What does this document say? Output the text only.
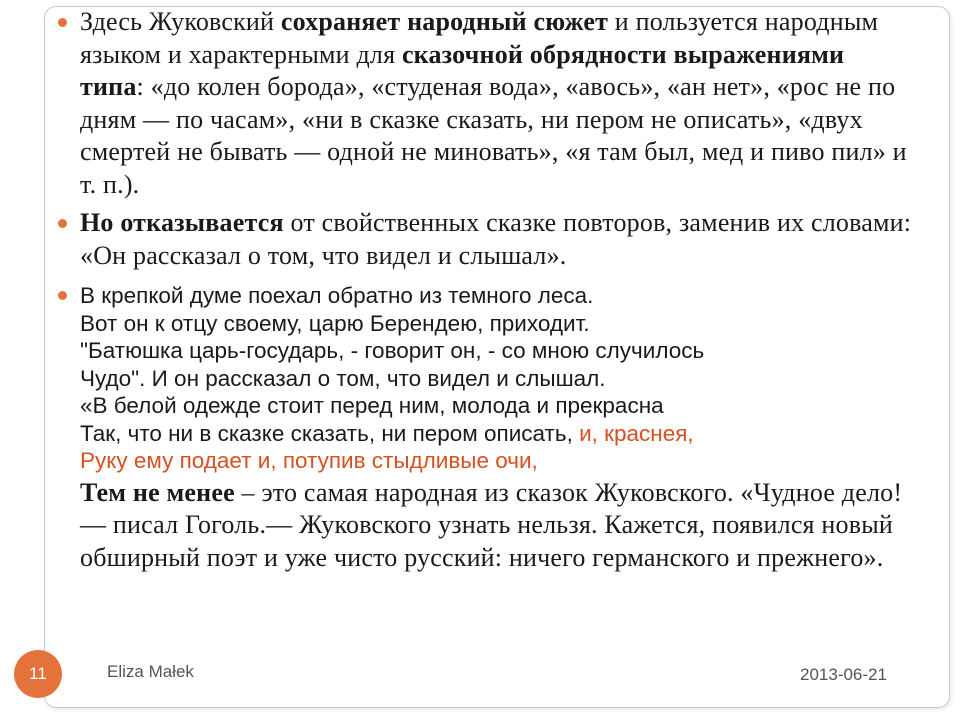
Здесь Жуковский сохраняет народный сюжет и пользуется народным языком и характерными для сказочной обрядности выражениями типа: «до колен борода», «студеная вода», «авось», «ан нет», «рос не по дням — по часам», «ни в сказке сказать, ни пером не описать», «двух смертей не бывать — одной не миновать», «я там был, мед и пиво пил» и т. п.).

Но отказывается от свойственных сказке повторов, заменив их словами: «Он рассказал о том, что видел и слышал».

В крепкой думе поехал обратно из темного леса.

Вот он к отцу своему, царю Берендею, приходит.

"Батюшка царь-государь, - говорит он, - со мною случилось

Чудо". И он рассказал о том, что видел и слышал.

«В белой одежде стоит перед ним, молода и прекрасна

Так, что ни в сказке сказать, ни пером описать, и, краснея,

Руку ему подает и, потупив стыдливые очи,

Тем не менее – это самая народная из сказок Жуковского. «Чудное дело! — писал Гоголь.— Жуковского узнать нельзя. Кажется, появился новый обширный поэт и уже чисто русский: ничего германского и прежнего».

11	Eliza Małek	2013-06-21
